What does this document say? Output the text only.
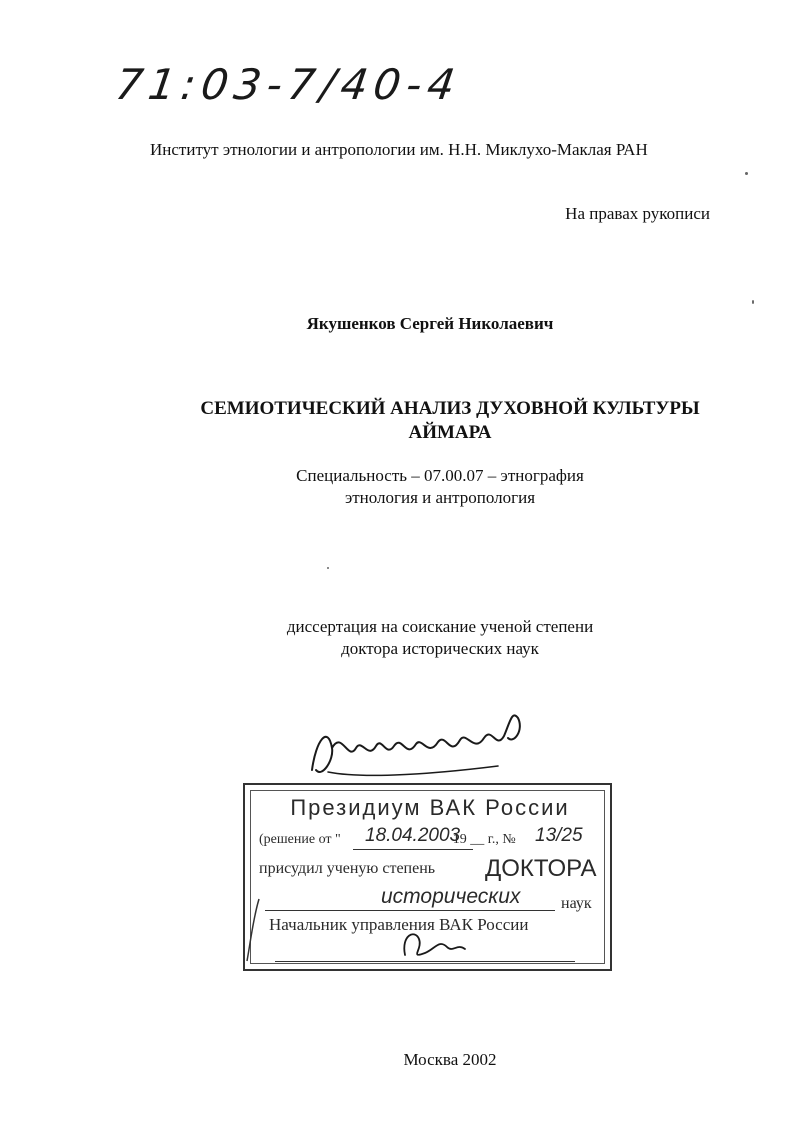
71:03-7/40-4
Институт этнологии и антропологии им. Н.Н. Миклухо-Маклая РАН
На правах рукописи
Якушенков Сергей Николаевич
СЕМИОТИЧЕСКИЙ АНАЛИЗ ДУХОВНОЙ КУЛЬТУРЫ
АЙМАРА
Специальность – 07.00.07 – этнография
этнология и антропология
диссертация на соискание ученой степени
доктора исторических наук
Президиум ВАК России
(решение от "	19 __ г., №
18.04.2003	13/25
присудил ученую степень ДОКТОРА
исторических	наук
Начальник управления ВАК России
Москва 2002
